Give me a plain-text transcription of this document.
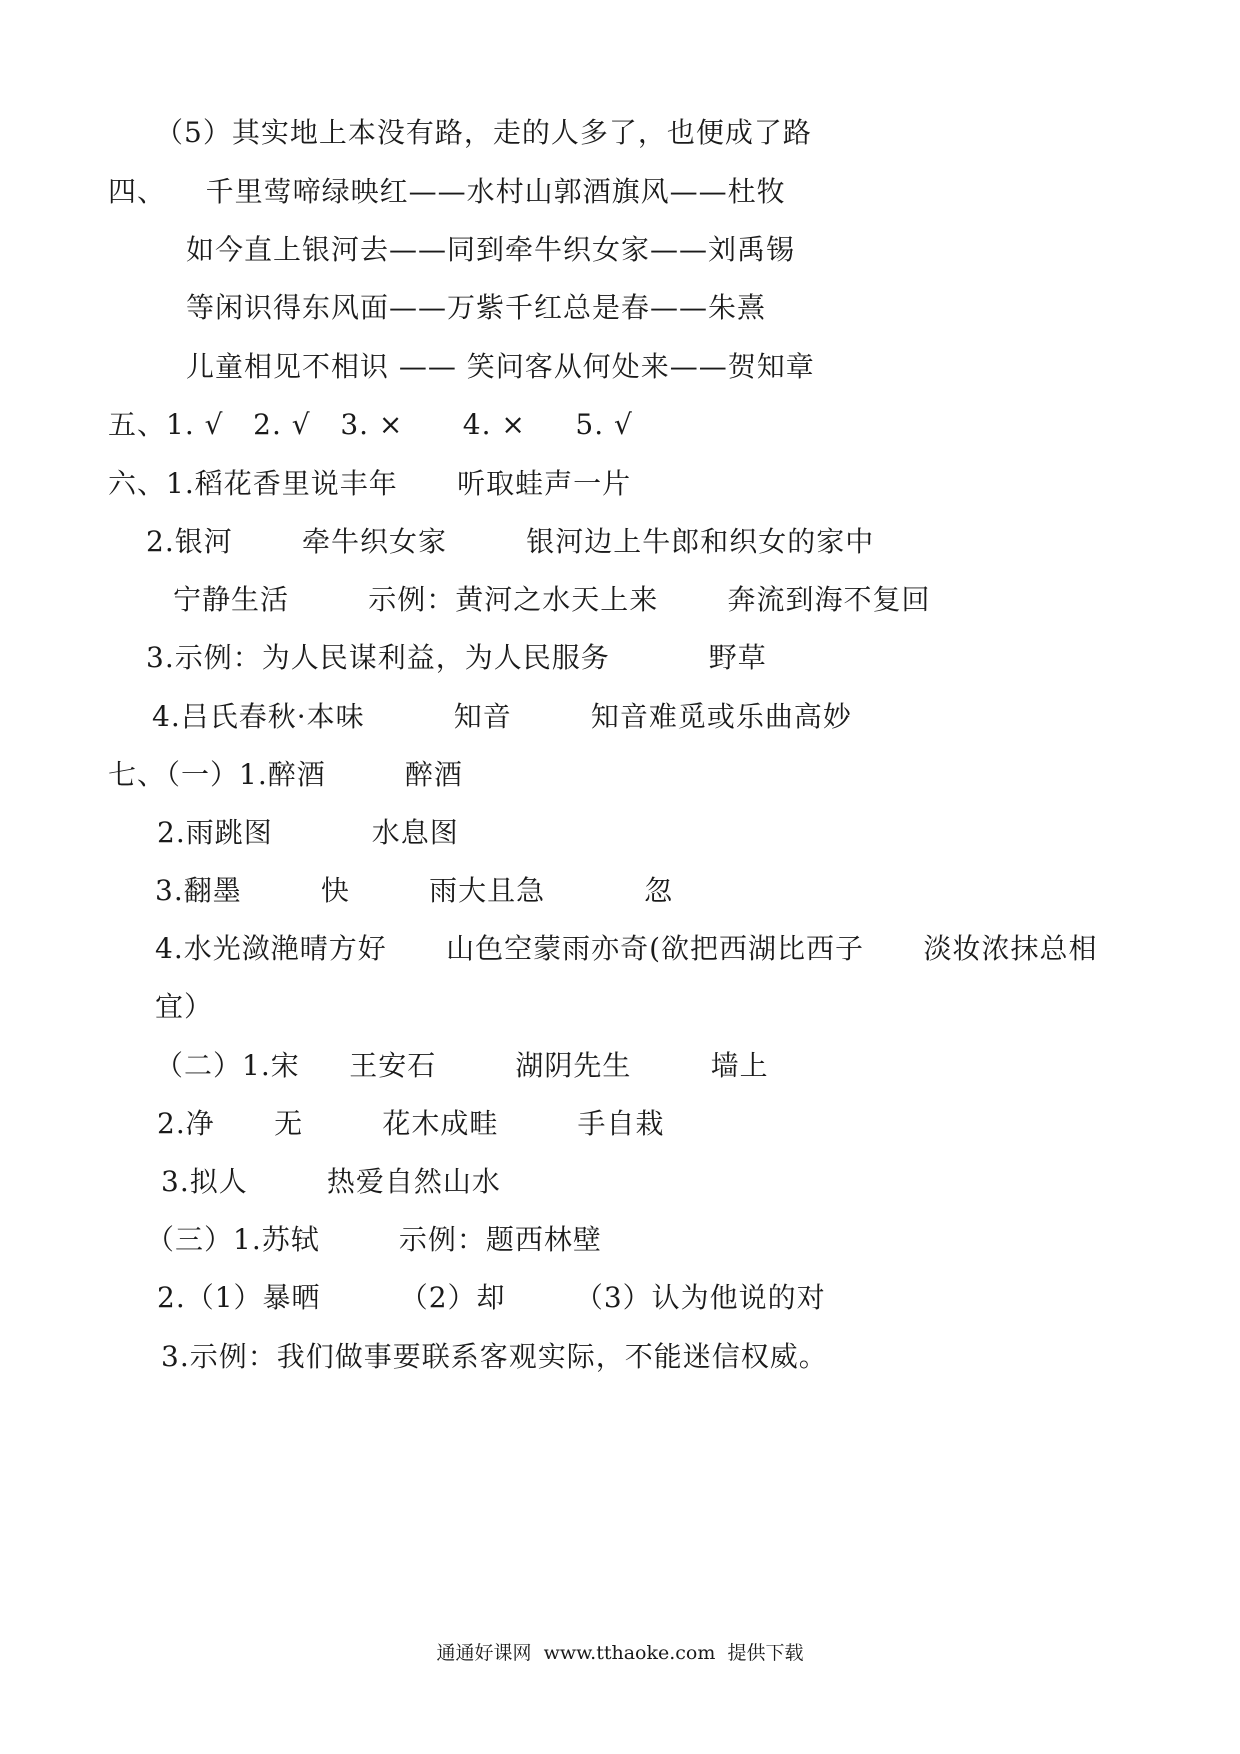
（5）其实地上本没有路，走的人多了，也便成了路
四、    千里莺啼绿映红——水村山郭酒旗风——杜牧
如今直上银河去——同到牵牛织女家——刘禹锡
等闲识得东风面——万紫千红总是春——朱熹
儿童相见不相识 —— 笑问客从何处来——贺知章
五、1. √   2. √   3. ×      4. ×     5. √
六、1.稻花香里说丰年      听取蛙声一片
2.银河       牵牛织女家        银河边上牛郎和织女的家中
宁静生活        示例：黄河之水天上来       奔流到海不复回
3.示例：为人民谋利益，为人民服务          野草
4.吕氏春秋·本味         知音        知音难觅或乐曲高妙
七、（一）1.醉酒        醉酒
2.雨跳图          水息图
3.翻墨        快        雨大且急          忽
4.水光潋滟晴方好      山色空蒙雨亦奇(欲把西湖比西子      淡妆浓抹总相
宜）
（二）1.宋     王安石        湖阴先生        墙上
2.净      无        花木成畦        手自栽
3.拟人        热爱自然山水
（三）1.苏轼        示例：题西林壁
2.（1）暴晒        （2）却       （3）认为他说的对
3.示例：我们做事要联系客观实际，不能迷信权威。
通通好课网  www.tthaoke.com  提供下载
